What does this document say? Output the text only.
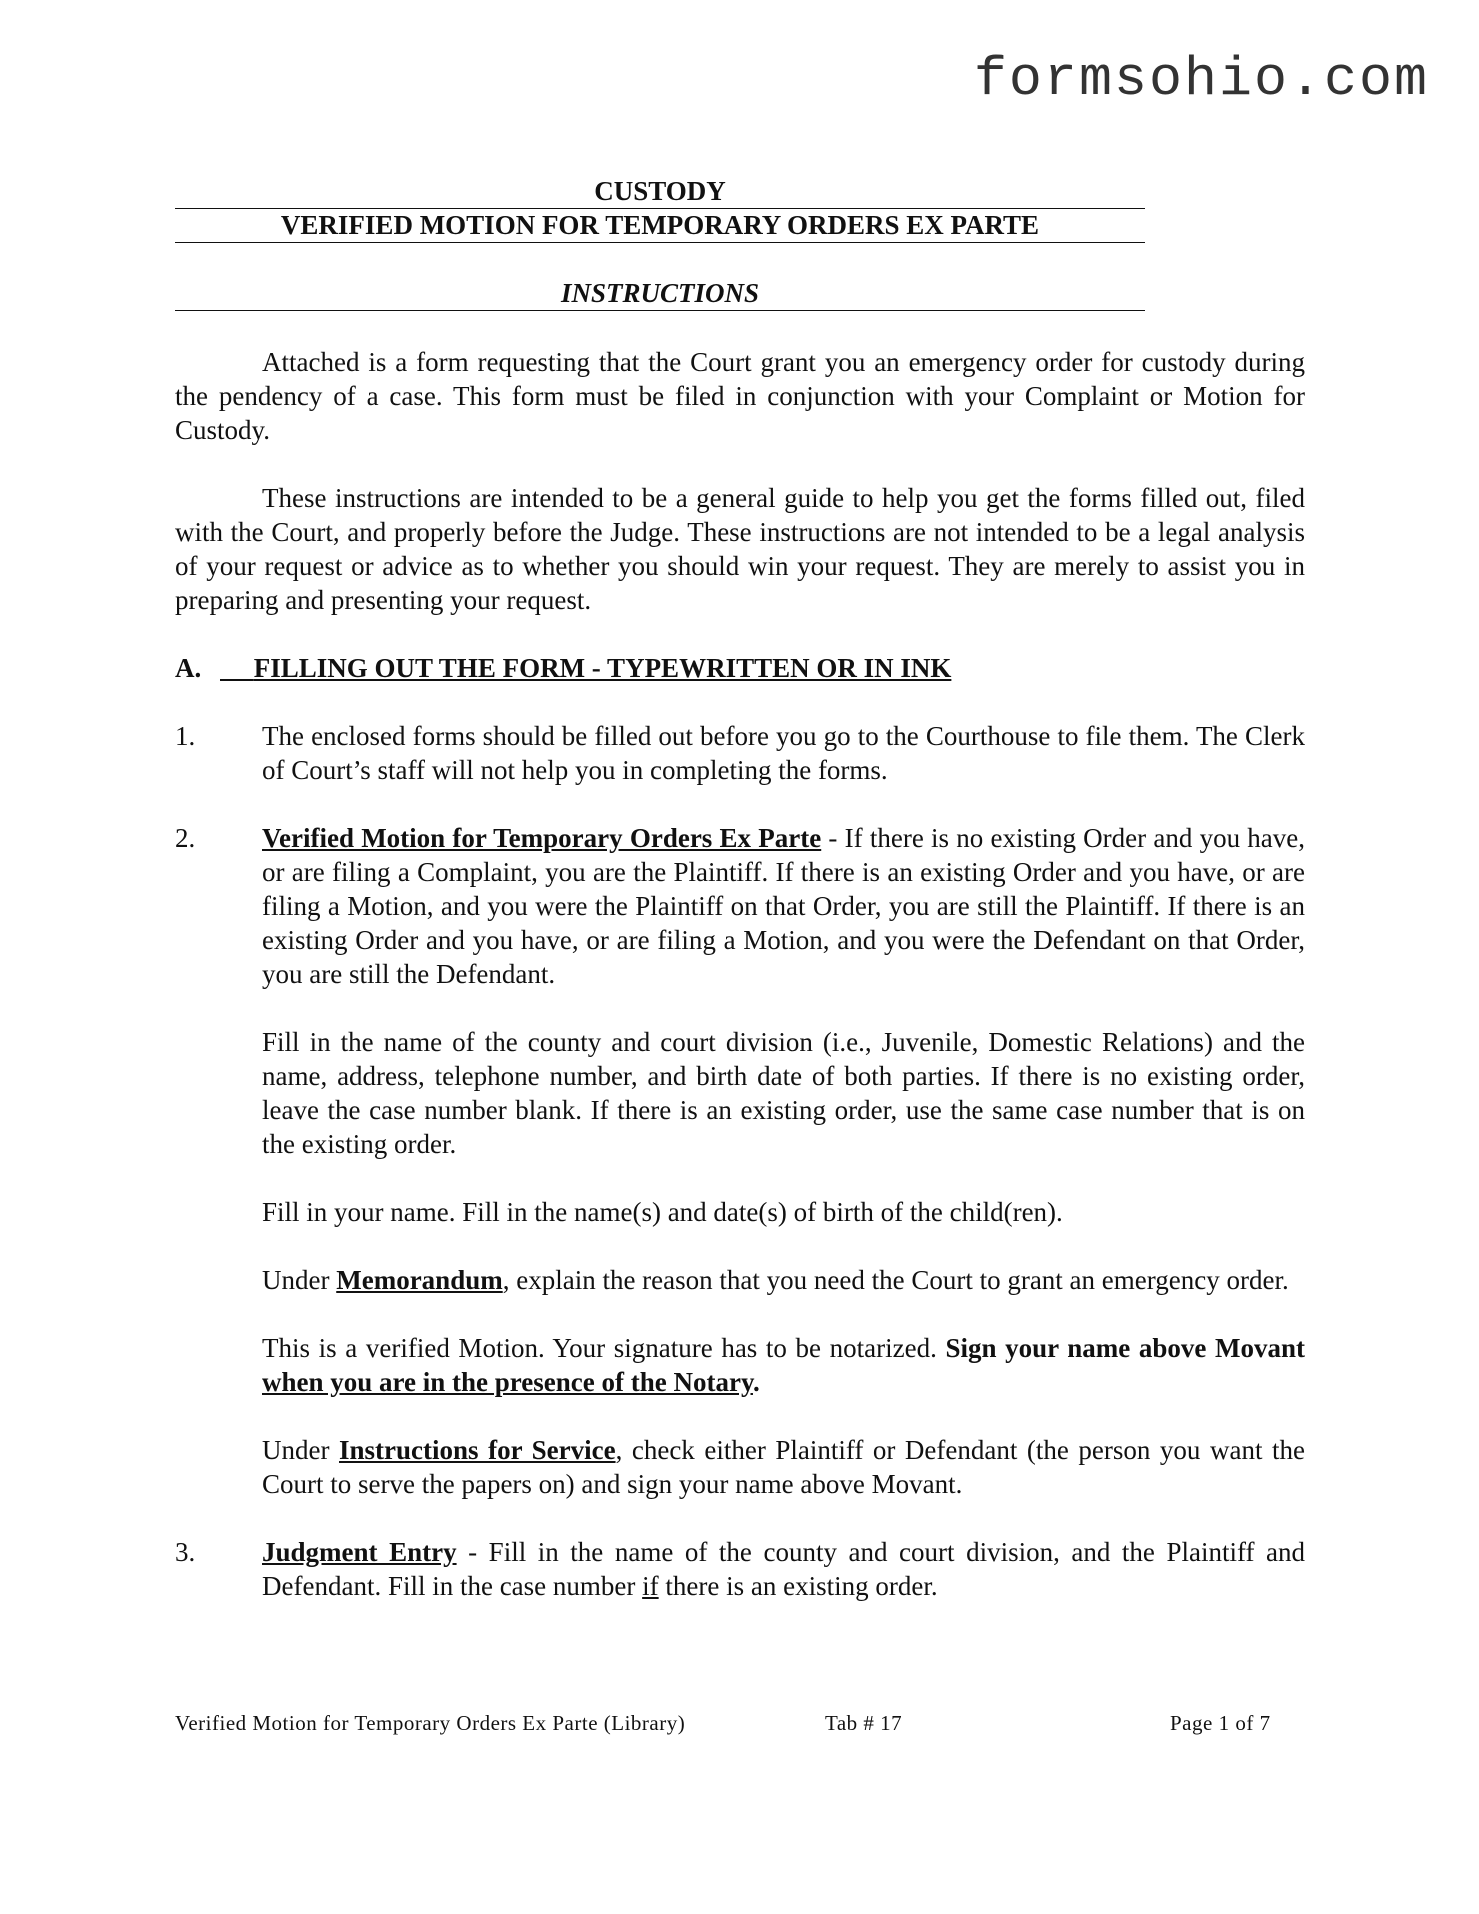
formsohio.com
CUSTODY
VERIFIED MOTION FOR TEMPORARY ORDERS EX PARTE
INSTRUCTIONS

Attached is a form requesting that the Court grant you an emergency order for custody during the pendency of a case. This form must be filed in conjunction with your Complaint or Motion for Custody.

These instructions are intended to be a general guide to help you get the forms filled out, filed with the Court, and properly before the Judge. These instructions are not intended to be a legal analysis of your request or advice as to whether you should win your request. They are merely to assist you in preparing and presenting your request.

A.	FILLING OUT THE FORM - TYPEWRITTEN OR IN INK
1.	The enclosed forms should be filled out before you go to the Courthouse to file them. The Clerk of Court’s staff will not help you in completing the forms.
2.	Verified Motion for Temporary Orders Ex Parte - If there is no existing Order and you have, or are filing a Complaint, you are the Plaintiff. If there is an existing Order and you have, or are filing a Motion, and you were the Plaintiff on that Order, you are still the Plaintiff. If there is an existing Order and you have, or are filing a Motion, and you were the Defendant on that Order, you are still the Defendant.

Fill in the name of the county and court division (i.e., Juvenile, Domestic Relations) and the name, address, telephone number, and birth date of both parties. If there is no existing order, leave the case number blank. If there is an existing order, use the same case number that is on the existing order.

Fill in your name. Fill in the name(s) and date(s) of birth of the child(ren).

Under Memorandum, explain the reason that you need the Court to grant an emergency order.

This is a verified Motion. Your signature has to be notarized. Sign your name above Movant when you are in the presence of the Notary.

Under Instructions for Service, check either Plaintiff or Defendant (the person you want the Court to serve the papers on) and sign your name above Movant.

3.	Judgment Entry - Fill in the name of the county and court division, and the Plaintiff and Defendant. Fill in the case number if there is an existing order.
Verified Motion for Temporary Orders Ex Parte (Library)	Tab # 17	Page 1 of 7
